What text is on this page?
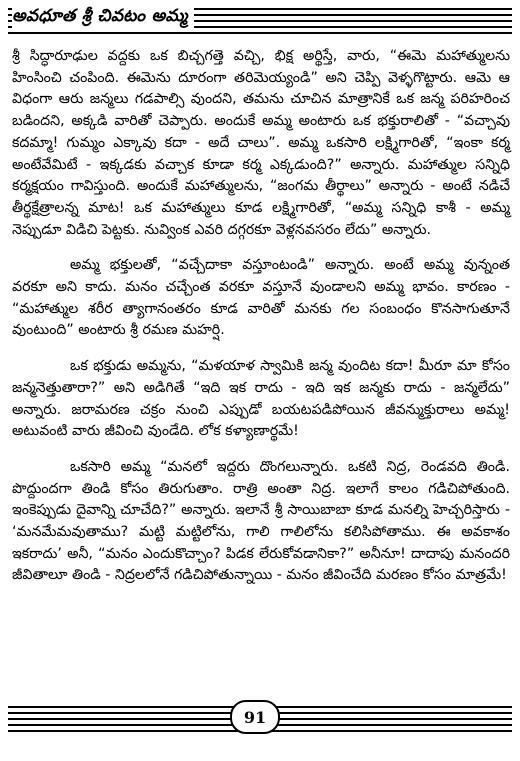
అవధూత శ్రీ చివటం అమ్మ

శ్రీ సిద్ధారూఢుల వద్దకు ఒక బిచ్చగత్తె వచ్చి, భిక్ష అర్థిస్తే, వారు, “ఈమె మహాత్ములను హింసించి చంపింది. ఈమెను దూరంగా తరిమెయ్యండి” అని చెప్పి వెళ్ళగొట్టారు. ఆమె ఆ విధంగా ఆరు జన్మలు గడపాల్సి వుందని, తమను చూచిన మాత్రానికే ఒక జన్మ పరిహరించ బడిందని, అక్కడి వారితో చెప్పారు. అందుకే అమ్మ అంటారు ఒక భక్తురాలితో - “వచ్చావు కదమ్మా! గుమ్మం ఎక్కావు కదా - అదే చాలు”. అమ్మ ఒకసారి లక్ష్మిగారితో, “ఇంకా కర్మ అంటేవేమిటే - ఇక్కడకు వచ్చాక కూడా కర్మ ఎక్కడుంది?” అన్నారు. మహాత్ముల సన్నిధి కర్మక్షయం గావిస్తుంది. అందుకే మహాత్ములను, “జంగమ తీర్థాలు” అన్నారు - అంటే నడిచే తీర్థక్షేత్రాలన్న మాట! ఒక మహాత్ములు కూడ లక్ష్మిగారితో, “అమ్మ సన్నిధి కాశీ - అమ్మ నెప్పుడూ విడిచి పెట్టకు. నువ్వింక ఎవరి దగ్గరకూ వెళ్లనవసరం లేదు” అన్నారు.

అమ్మ భక్తులతో, “వచ్చేదాకా వస్తూంటండి” అన్నారు. అంటే అమ్మ వున్నంత వరకూ అని కాదు. మనం చచ్చేంత వరకూ వస్తూనే వుండాలని అమ్మ భావం. కారణం - “మహాత్ముల శరీర త్యాగానంతరం కూడ వారితో మనకు గల సంబంధం కొనసాగుతూనే వుంటుంది” అంటారు శ్రీ రమణ మహర్షి.

ఒక భక్తుడు అమ్మను, “మళయాళ స్వామికి జన్మ వుందిట కదా! మీరూ మా కోసం జన్మనెత్తుతారా?” అని అడిగితే “ఇది ఇక రాదు - ఇది ఇక జన్మకు రాదు - జన్మలేదు” అన్నారు. జరామరణ చక్రం నుంచి ఎప్పుడో బయటపడిపోయిన జీవన్ముక్తురాలు అమ్మ! అటువంటి వారు జీవించి వుండేది. లోక కళ్యాణార్థమే!

ఒకసారి అమ్మ “మనలో ఇద్దరు దొంగలున్నారు. ఒకటి నిద్ర, రెండవది తిండి. పొద్దుందగా తిండి కోసం తిరుగుతాం. రాత్రి అంతా నిద్ర. ఇలాగే కాలం గడిచిపోతుంది. ఇంకెప్పుడు దైవాన్ని చూచేది?” అన్నారు. ఇలానే శ్రీ సాయిబాబా కూడ మనల్ని హెచ్చరిస్తారు - ‘మనమేమవుతాము? మట్టి మట్టిలోను, గాలి గాలిలోను కలిసిపోతాము. ఈ అవకాశం ఇకరాదు’ అనీ, “మనం ఎందుకొచ్చాం? పిడక లేరుకోవడానికా?” అనీనూ! దాదాపు మనందరి జీవితాలూ తిండి - నిద్రలలోనే గడిచిపోతున్నాయి - మనం జీవించేది మరణం కోసం మాత్రమే!

91
